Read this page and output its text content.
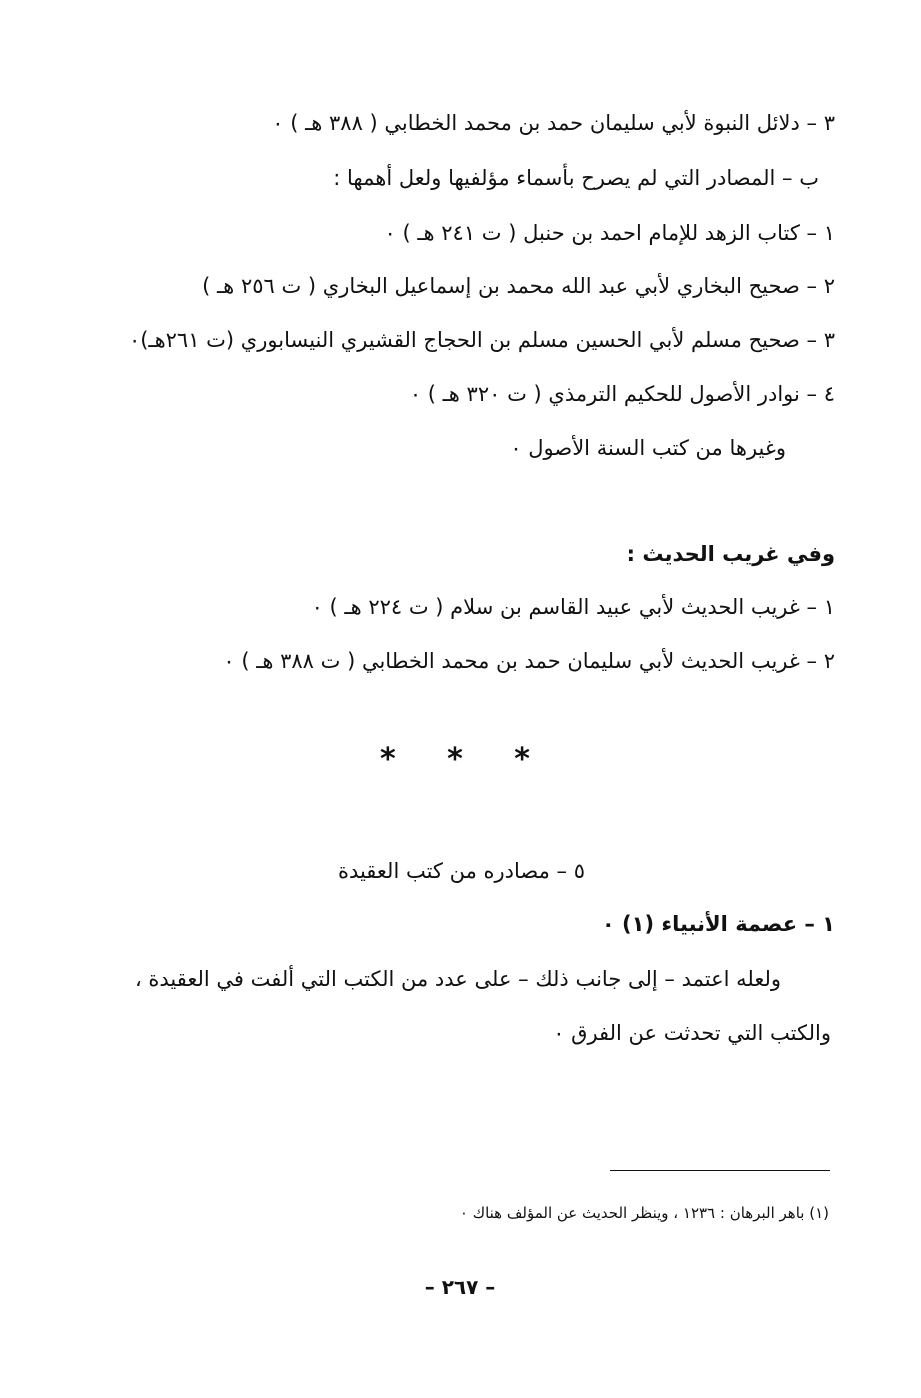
٣ – دلائل النبوة لأبي سليمان حمد بن محمد الخطابي ( ٣٨٨ هـ ) ٠
ب – المصادر التي لم يصرح بأسماء مؤلفيها ولعل أهمها :
١ – كتاب الزهد للإمام احمد بن حنبل ( ت ٢٤١ هـ ) ٠
٢ – صحيح البخاري لأبي عبد الله محمد بن إسماعيل البخاري ( ت ٢٥٦ هـ )
٣ – صحيح مسلم لأبي الحسين مسلم بن الحجاج القشيري النيسابوري (ت ٢٦١هـ)٠
٤ – نوادر الأصول للحكيم الترمذي ( ت ٣٢٠ هـ ) ٠
وغيرها من كتب السنة الأصول ٠
وفي غريب الحديث :
١ – غريب الحديث لأبي عبيد القاسم بن سلام ( ت ٢٢٤ هـ ) ٠
٢ – غريب الحديث لأبي سليمان حمد بن محمد الخطابي ( ت ٣٨٨ هـ ) ٠
* * *
٥ – مصادره من كتب العقيدة
١ – عصمة الأنبياء (١) ٠
ولعله اعتمد – إلى جانب ذلك – على عدد من الكتب التي ألفت في العقيدة ،
والكتب التي تحدثت عن الفرق ٠
(١) باهر البرهان : ١٢٣٦ ، وينظر الحديث عن المؤلف هناك ٠
– ٢٦٧ –
